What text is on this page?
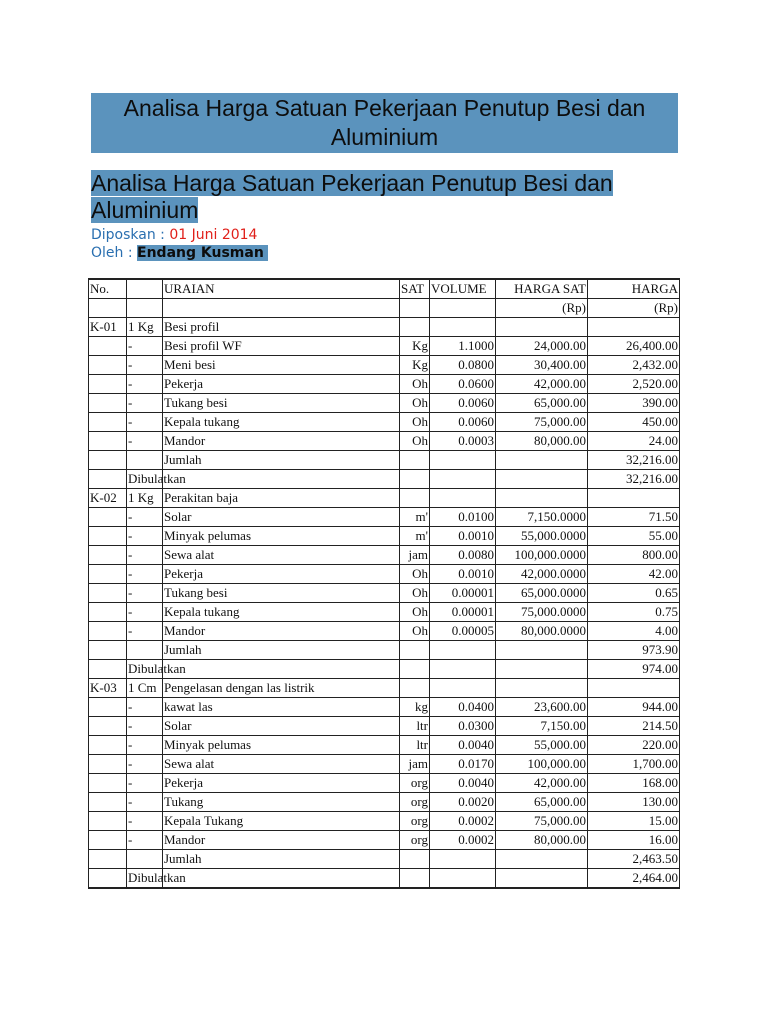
Analisa Harga Satuan Pekerjaan Penutup Besi dan Aluminium
Analisa Harga Satuan Pekerjaan Penutup Besi dan Aluminium
Diposkan : 01 Juni 2014
Oleh : Endang Kusman
No.		URAIAN	SAT	VOLUME	HARGA SAT	HARGA
					(Rp)	(Rp)
K-01	1 Kg	Besi profil				
	-	Besi profil WF	Kg	1.1000	24,000.00	26,400.00
	-	Meni besi	Kg	0.0800	30,400.00	2,432.00
	-	Pekerja	Oh	0.0600	42,000.00	2,520.00
	-	Tukang besi	Oh	0.0060	65,000.00	390.00
	-	Kepala tukang	Oh	0.0060	75,000.00	450.00
	-	Mandor	Oh	0.0003	80,000.00	24.00
		Jumlah				32,216.00
	Dibulatkan					32,216.00
K-02	1 Kg	Perakitan baja				
	-	Solar	m'	0.0100	7,150.0000	71.50
	-	Minyak pelumas	m'	0.0010	55,000.0000	55.00
	-	Sewa alat	jam	0.0080	100,000.0000	800.00
	-	Pekerja	Oh	0.0010	42,000.0000	42.00
	-	Tukang besi	Oh	0.00001	65,000.0000	0.65
	-	Kepala tukang	Oh	0.00001	75,000.0000	0.75
	-	Mandor	Oh	0.00005	80,000.0000	4.00
		Jumlah				973.90
	Dibulatkan					974.00
K-03	1 Cm	Pengelasan dengan las listrik				
	-	kawat las	kg	0.0400	23,600.00	944.00
	-	Solar	ltr	0.0300	7,150.00	214.50
	-	Minyak pelumas	ltr	0.0040	55,000.00	220.00
	-	Sewa alat	jam	0.0170	100,000.00	1,700.00
	-	Pekerja	org	0.0040	42,000.00	168.00
	-	Tukang	org	0.0020	65,000.00	130.00
	-	Kepala Tukang	org	0.0002	75,000.00	15.00
	-	Mandor	org	0.0002	80,000.00	16.00
		Jumlah				2,463.50
	Dibulatkan					2,464.00
